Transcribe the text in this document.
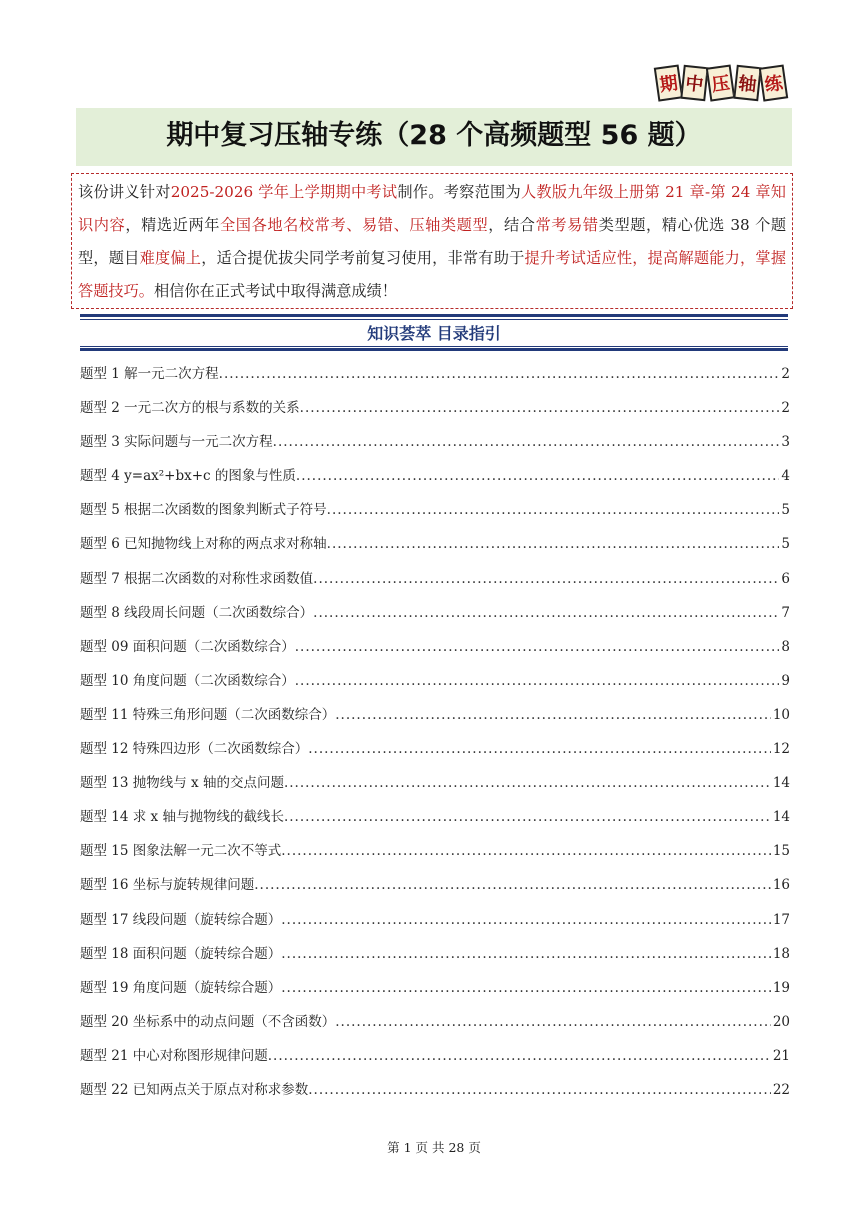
期 中 压 轴 练
期中复习压轴专练（28 个高频题型 56 题）
该份讲义针对2025-2026 学年上学期期中考试制作。考察范围为人教版九年级上册第 21 章-第 24 章知识内容，精选近两年全国各地名校常考、易错、压轴类题型，结合常考易错类型题，精心优选 38 个题型，题目难度偏上，适合提优拔尖同学考前复习使用，非常有助于提升考试适应性，提高解题能力，掌握答题技巧。相信你在正式考试中取得满意成绩！
知识荟萃 目录指引
题型 1 解一元二次方程 .....	2
题型 2 一元二次方的根与系数的关系 .....	2
题型 3 实际问题与一元二次方程 .....	3
题型 4 y=ax²+bx+c 的图象与性质 .....	4
题型 5 根据二次函数的图象判断式子符号 .....	5
题型 6 已知抛物线上对称的两点求对称轴 .....	5
题型 7 根据二次函数的对称性求函数值 .....	6
题型 8 线段周长问题（二次函数综合） .....	7
题型 09 面积问题（二次函数综合） .....	8
题型 10 角度问题（二次函数综合） .....	9
题型 11 特殊三角形问题（二次函数综合） .....	10
题型 12 特殊四边形（二次函数综合） .....	12
题型 13 抛物线与 x 轴的交点问题 .....	14
题型 14 求 x 轴与抛物线的截线长 .....	14
题型 15 图象法解一元二次不等式 .....	15
题型 16 坐标与旋转规律问题 .....	16
题型 17 线段问题（旋转综合题） .....	17
题型 18 面积问题（旋转综合题） .....	18
题型 19 角度问题（旋转综合题） .....	19
题型 20 坐标系中的动点问题（不含函数） .....	20
题型 21 中心对称图形规律问题 .....	21
题型 22 已知两点关于原点对称求参数 .....	22
第 1 页 共 28 页
